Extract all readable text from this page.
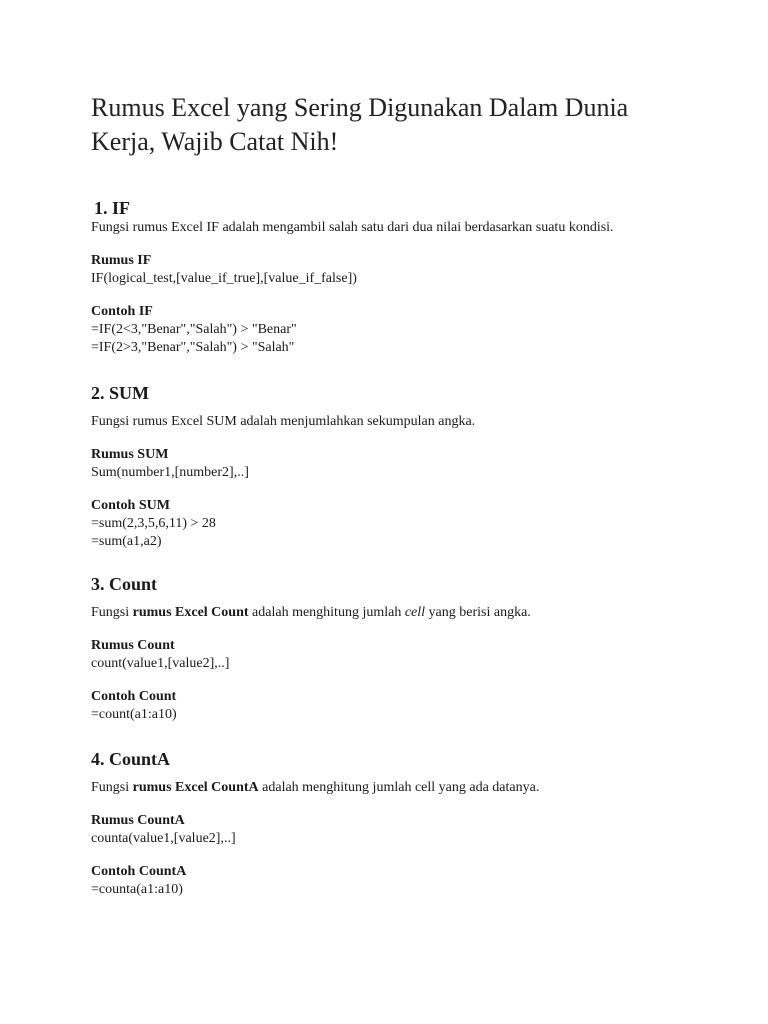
Rumus Excel yang Sering Digunakan Dalam Dunia Kerja, Wajib Catat Nih!
1. IF

Fungsi rumus Excel IF adalah mengambil salah satu dari dua nilai berdasarkan suatu kondisi.

Rumus IF

IF(logical_test,[value_if_true],[value_if_false])

Contoh IF

=IF(2<3,"Benar","Salah") > "Benar"

=IF(2>3,"Benar","Salah") > "Salah"

2. SUM

Fungsi rumus Excel SUM adalah menjumlahkan sekumpulan angka.

Rumus SUM

Sum(number1,[number2],..]

Contoh SUM

=sum(2,3,5,6,11) > 28

=sum(a1,a2)

3. Count

Fungsi rumus Excel Count adalah menghitung jumlah cell yang berisi angka.

Rumus Count

count(value1,[value2],..]

Contoh Count

=count(a1:a10)

4. CountA

Fungsi rumus Excel CountA adalah menghitung jumlah cell yang ada datanya.

Rumus CountA

counta(value1,[value2],..]

Contoh CountA

=counta(a1:a10)
